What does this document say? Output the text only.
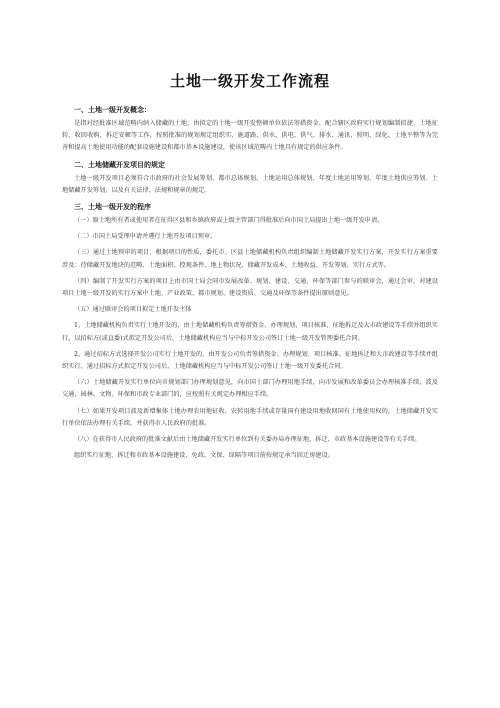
土地一级开发工作流程
一、土地一级开发概念：
是指对经批准区域范畴内纳入储藏的土地，由拟定的土地一级开发整顿单位依法筹措资金，配合辖区政府实行规划编制拟捷、土地征转、收回收购、拆迁安顿等工作，按照批准的规划规定组织实、施道路、供水、供电、供气、排水、通讯、照明、绿化、土地平整等为完善和提高土地使用功能的配套设施建设和都市基本设施建设，使该区域范畴内土地具有规定的供应条件。
二、土地储藏开发项目的规定
土地一级开发项目必须符合市政府的社会发展筹划、都市总体规划、土地运用总体规划、年度土地运用筹划、年度土地供应筹划、土地储藏开发筹划，以及有关法律、法规和规章的规定。
三、土地一级开发的程序
（一）原土地所有者或使用者在征得区县和乡镇政府或上级主管部门得批准后向市国土局提出土地一级开发申请。
（二）市国土局受理申请并遴行土地开发项目预审。
（三）通过土地预审的项目，根据项目的性质，委托市、区县土地储藏机构负责组织编制土地储藏开发实行方案，开发实行方案重要涉及：待储藏开发地块的范畴、土地面积、控规条件、地上物状况、储藏开发成本、土地收益、开发筹划、实行方式等。
（四）编制了开发实行方案的项目上由市国土局会同市发展改革、规划、建设、交通、环保等部门参与的联审会，通过会审，对建设项目土地一级开发的实行方案中土地、产业政策、都市规划、建设资质、交通及环保等条件提出原则意见。
（五）通过联审会的项目拟定土地开发主体
1、土地储藏机构负责实行土地开发的，由土地储藏机构负责筹措资金、办理规划、项目核准、征地拆迁及大市政建设等手续并组织实行，以招标方(或直委)式拟定开发公司后，土地储藏机构应当与中标开发公司签订土地一级开发管理委托合同。
2、通过招标方式选择开发公司实行土地开发的，由开发公司负责筹措资金、办理规划、项目核准、征地拆迁和大市政建设等手续并组织实行。通过招标方式拟定开发公司后，土地储藏机构应当与中标开发公司签订土地一级开发委托合同。
（六）土地储藏开发实行单位向市规划部门办理规划意见，向市国土部门办理用地手续，向市发展和改革委员会办理核准手续，波及交通、园林、文物、环保和市政专业部门的，应按照有关规定办理相应手续。
（七）如果开发项目波及新增集体土地办理农用地征收、农转用地手续或存量国有建设用地收回国有土地使用权的，土地储藏开发实行单位依法办理有关手续，并获得市人民政府的批准。
（八）在获得市人民政府的批准文献后由土地储藏开发实行单位到有关委办局办理征地、拆迁、市政基本设施建设等有关手续。
组织实行征地、拆迁和市政基本设施建设、免政、文保、绿隔等项目前按规定承当回迁房建设。
